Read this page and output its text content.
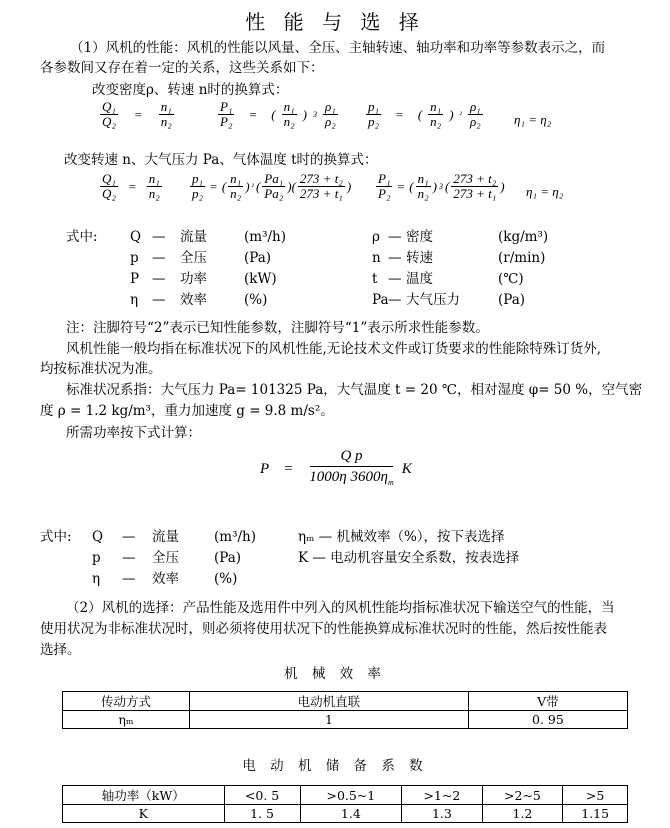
性 能 与 选 择
（1）风机的性能：风机的性能以风量、全压、主轴转速、轴功率和功率等参数表示之，而
各参数间又存在着一定的关系，这些关系如下：
改变密度ρ、转速 n时的换算式：
$\frac{\text{Q₁}}{\text{Q₂}} = \frac{\text{n₁}}{\text{n₂}}$	$\frac{\text{P₁}}{\text{P₂}}$ = ( $\frac{\text{n₁}}{\text{n₂}}$ ) $3 \frac{\text{ρ₁}}{\text{ρ₂}} \frac{\text{p₁}}{\text{p₂}}$ = ( $\frac{\text{n₁}}{\text{n₂}}$ ) $^2 \frac{\text{ρ₁}}{\text{ρ₂}} \eta_1 = \eta_2$
改变转速 n、大气压力 Pa、气体温度 t时的换算式：
$\frac{\text{Q₁}}{\text{Q₂}} = \frac{\text{n₁}}{\text{n₂}} \frac{\text{p₁}}{\text{p₂}}$ = ( $\frac{\text{n₁}}{\text{n₂}}$ ) ² ( $\frac{\text{Pa₁}}{\text{Pa₂}}$ )( $\frac{\text{273 + t₂}}{\text{273 + t₁}}$ ) $\frac{\text{P₁}}{\text{P₂}}$ = ( $\frac{\text{n₁}}{\text{n₂}}$ ) 3 ( $\frac{\text{273 + t₂}}{\text{273 + t₁}}$ ) η₁ = η₂
式中: Q — 流量	(m³/h)	ρ — 密度	(kg/m³)
p — 全压	(Pa)	n — 转速	(r/min)
P — 功率	(kW)	t — 温度	(℃)
η — 效率	(%)	Pa — 大气压力	(Pa)
注：注脚符号“2”表示已知性能参数，注脚符号“1”表示所求性能参数。
风机性能一般均指在标准状况下的风机性能,无论技术文件或订货要求的性能除特殊订货外,
均按标准状况为准。
标准状况系指：大气压力 Pa= 101325 Pa，大气温度 t = 20 ℃，相对湿度 φ= 50 %，空气密
度 ρ = 1.2 kg/m³，重力加速度 g = 9.8 m/s²。
所需功率按下式计算：
$P = \frac{\text{Q p}}{1000\eta 3600\eta_m}$ K
式中: Q — 流量	(m³/h)	ηₘ — 机械效率（%），按下表选择
p — 全压	(Pa)	K — 电动机容量安全系数，按表选择
η — 效率	(%)
（2）风机的选择：产品性能及选用件中列入的风机性能均指标准状况下输送空气的性能，当
使用状况为非标准状况时，则必须将使用状况下的性能换算成标准状况时的性能，然后按性能表
选择。
机 械 效 率
传动方式	电动机直联	V带
ηₘ	1	0. 95
电 动 机 储 备 系 数
轴功率（kW）	<0. 5	>0.5~1	>1~2	>2~5	>5
K	1. 5	1.4	1.3	1.2	1.15
